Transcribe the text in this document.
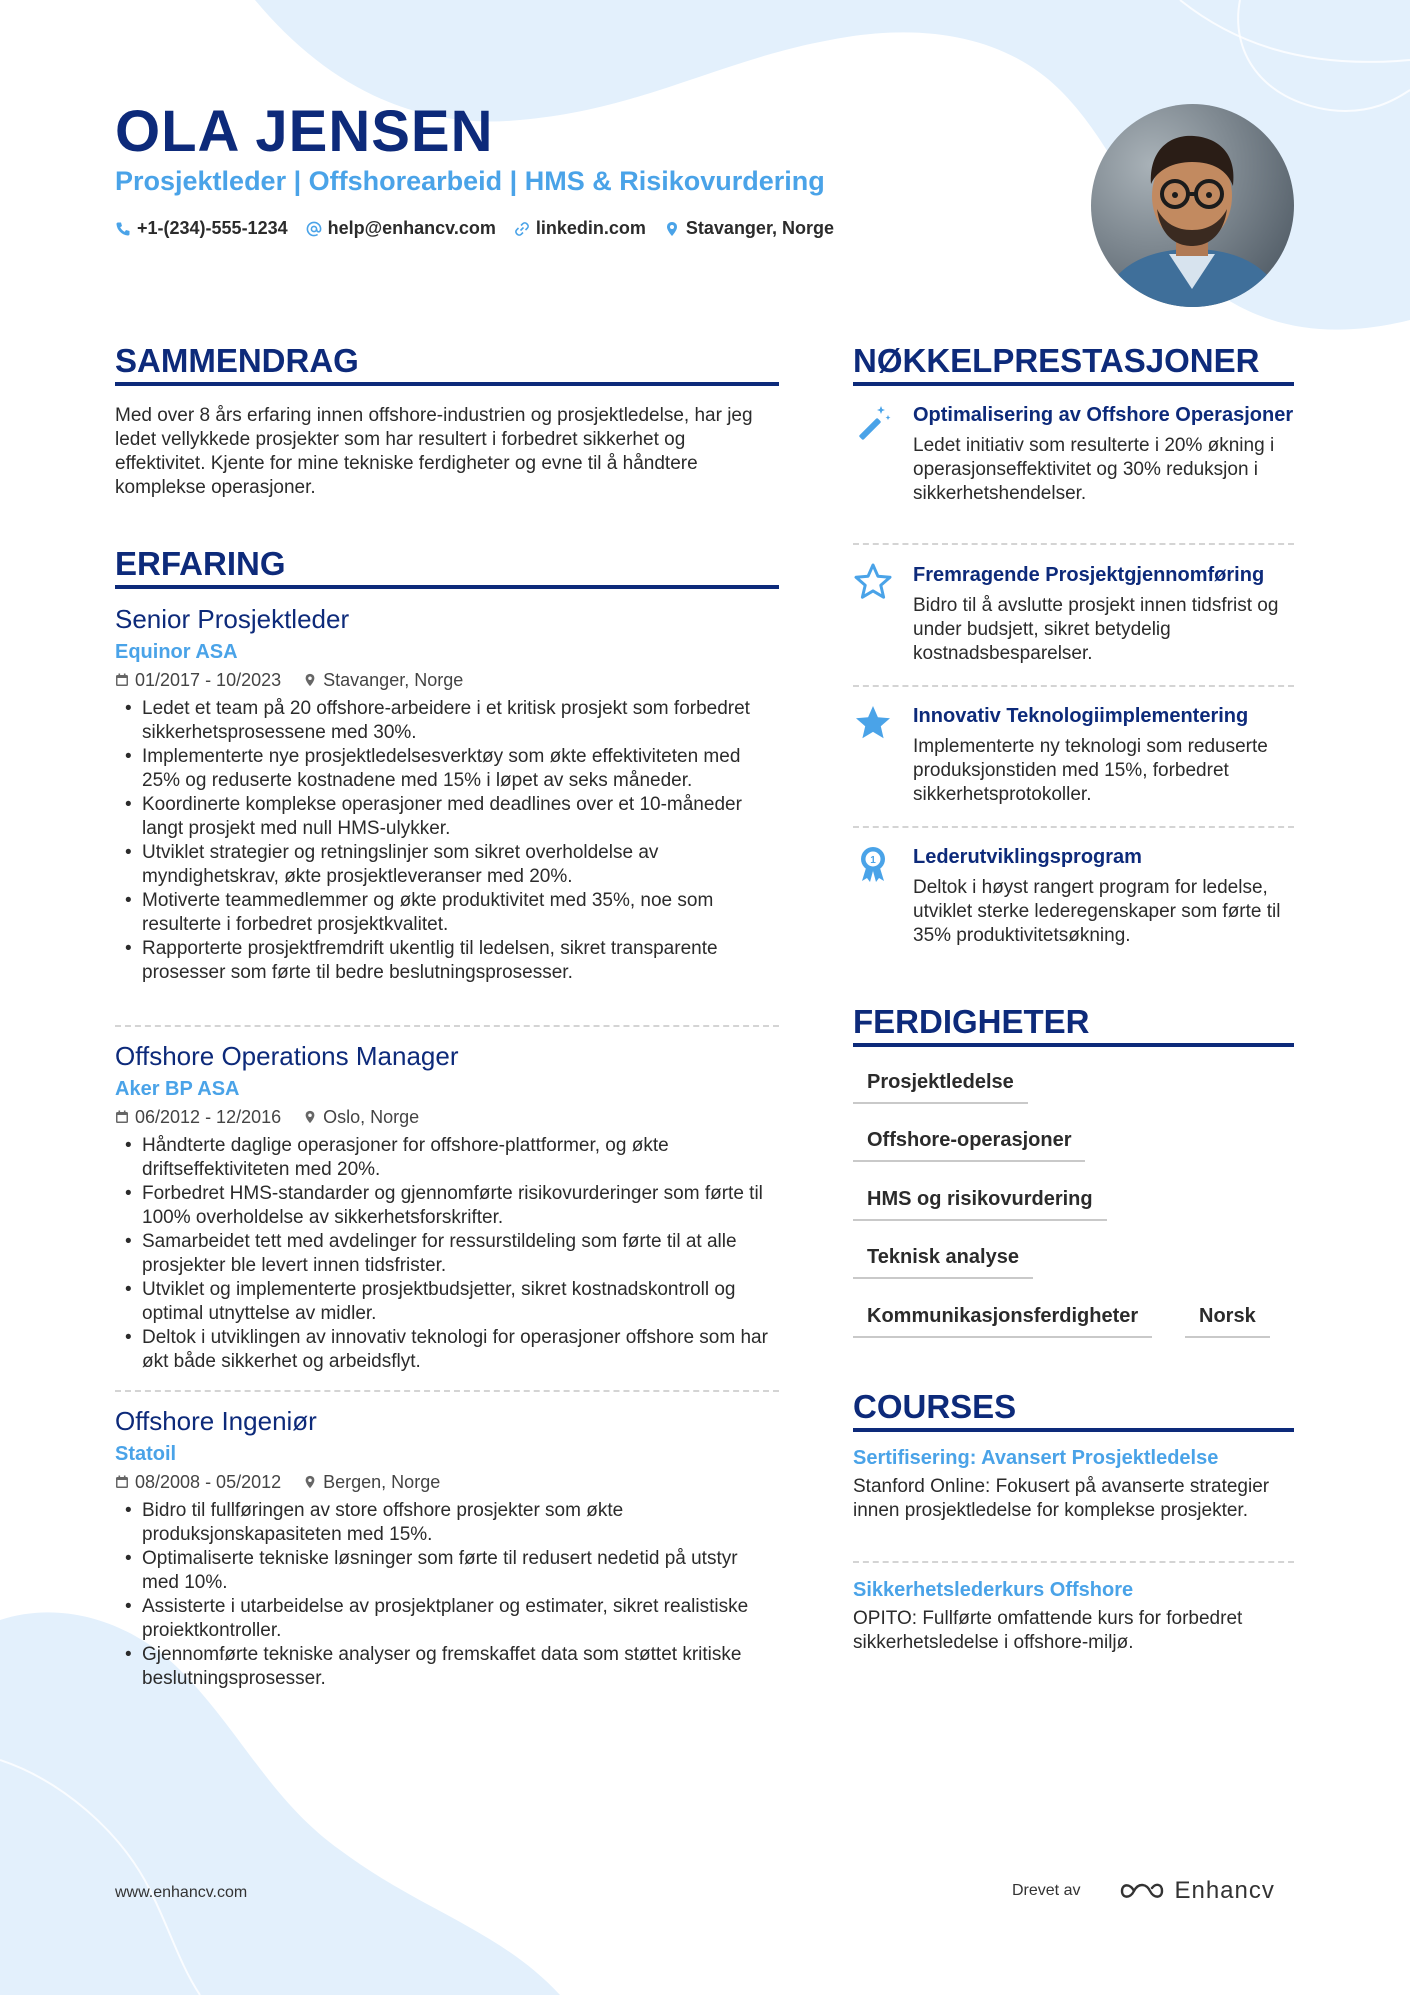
OLA JENSEN
Prosjektleder | Offshorearbeid | HMS & Risikovurdering
+1-(234)-555-1234 help@enhancv.com linkedin.com Stavanger, Norge
SAMMENDRAG
Med over 8 års erfaring innen offshore-industrien og prosjektledelse, har jeg ledet vellykkede prosjekter som har resultert i forbedret sikkerhet og effektivitet. Kjente for mine tekniske ferdigheter og evne til å håndtere komplekse operasjoner.
ERFARING
Senior Prosjektleder
Equinor ASA
01/2017 - 10/2023 Stavanger, Norge
• Ledet et team på 20 offshore-arbeidere i et kritisk prosjekt som forbedret sikkerhetsprosessene med 30%.
• Implementerte nye prosjektledelsesverktøy som økte effektiviteten med 25% og reduserte kostnadene med 15% i løpet av seks måneder.
• Koordinerte komplekse operasjoner med deadlines over et 10-måneder langt prosjekt med null HMS-ulykker.
• Utviklet strategier og retningslinjer som sikret overholdelse av myndighetskrav, økte prosjektleveranser med 20%.
• Motiverte teammedlemmer og økte produktivitet med 35%, noe som resulterte i forbedret prosjektkvalitet.
• Rapporterte prosjektfremdrift ukentlig til ledelsen, sikret transparente prosesser som førte til bedre beslutningsprosesser.
Offshore Operations Manager
Aker BP ASA
06/2012 - 12/2016 Oslo, Norge
• Håndterte daglige operasjoner for offshore-plattformer, og økte driftseffektiviteten med 20%.
• Forbedret HMS-standarder og gjennomførte risikovurderinger som førte til 100% overholdelse av sikkerhetsforskrifter.
• Samarbeidet tett med avdelinger for ressurstildeling som førte til at alle prosjekter ble levert innen tidsfrister.
• Utviklet og implementerte prosjektbudsjetter, sikret kostnadskontroll og optimal utnyttelse av midler.
• Deltok i utviklingen av innovativ teknologi for operasjoner offshore som har økt både sikkerhet og arbeidsflyt.
Offshore Ingeniør
Statoil
08/2008 - 05/2012 Bergen, Norge
• Bidro til fullføringen av store offshore prosjekter som økte produksjonskapasiteten med 15%.
• Optimaliserte tekniske løsninger som førte til redusert nedetid på utstyr med 10%.
• Assisterte i utarbeidelse av prosjektplaner og estimater, sikret realistiske proiektkontroller.
• Gjennomførte tekniske analyser og fremskaffet data som støttet kritiske beslutningsprosesser.
NØKKELPRESTASJONER
Optimalisering av Offshore Operasjoner
Ledet initiativ som resulterte i 20% økning i operasjonseffektivitet og 30% reduksjon i sikkerhetshendelser.
Fremragende Prosjektgjennomføring
Bidro til å avslutte prosjekt innen tidsfrist og under budsjett, sikret betydelig kostnadsbesparelser.
Innovativ Teknologiimplementering
Implementerte ny teknologi som reduserte produksjonstiden med 15%, forbedret sikkerhetsprotokoller.
1 Lederutviklingsprogram
Deltok i høyst rangert program for ledelse, utviklet sterke lederegenskaper som førte til 35% produktivitetsøkning.
FERDIGHETER
Prosjektledelse
Offshore-operasjoner
HMS og risikovurdering
Teknisk analyse
Kommunikasjonsferdigheter	Norsk
COURSES
Sertifisering: Avansert Prosjektledelse
Stanford Online: Fokusert på avanserte strategier innen prosjektledelse for komplekse prosjekter.
Sikkerhetslederkurs Offshore
OPITO: Fullførte omfattende kurs for forbedret sikkerhetsledelse i offshore-miljø.
www.enhancv.com	Drevet av	Enhancv
